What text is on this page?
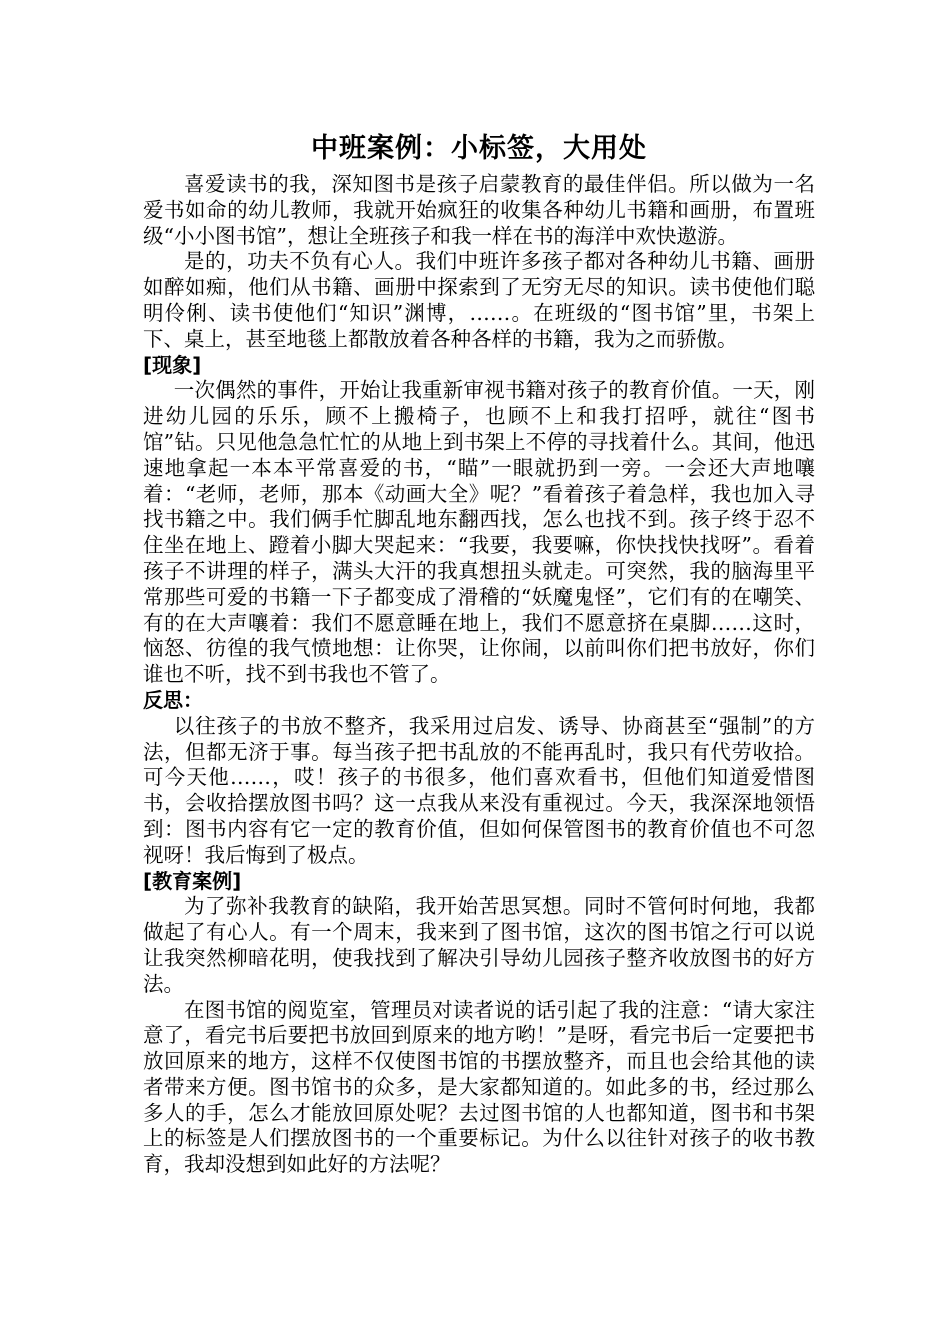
中班案例：小标签，大用处

喜爱读书的我，深知图书是孩子启蒙教育的最佳伴侣。所以做为一名爱书如命的幼儿教师，我就开始疯狂的收集各种幼儿书籍和画册，布置班级“小小图书馆”，想让全班孩子和我一样在书的海洋中欢快遨游。

是的，功夫不负有心人。我们中班许多孩子都对各种幼儿书籍、画册如醉如痴，他们从书籍、画册中探索到了无穷无尽的知识。读书使他们聪明伶俐、读书使他们“知识”渊博，……。在班级的“图书馆”里，书架上下、桌上，甚至地毯上都散放着各种各样的书籍，我为之而骄傲。

[现象]

一次偶然的事件，开始让我重新审视书籍对孩子的教育价值。一天，刚进幼儿园的乐乐，顾不上搬椅子，也顾不上和我打招呼，就往“图书馆”钻。只见他急急忙忙的从地上到书架上不停的寻找着什么。其间，他迅速地拿起一本本平常喜爱的书，“瞄”一眼就扔到一旁。一会还大声地嚷着：“老师，老师，那本《动画大全》呢？”看着孩子着急样，我也加入寻找书籍之中。我们俩手忙脚乱地东翻西找，怎么也找不到。孩子终于忍不住坐在地上、蹬着小脚大哭起来：“我要，我要嘛，你快找快找呀”。看着孩子不讲理的样子，满头大汗的我真想扭头就走。可突然，我的脑海里平常那些可爱的书籍一下子都变成了滑稽的“妖魔鬼怪”，它们有的在嘲笑、有的在大声嚷着：我们不愿意睡在地上，我们不愿意挤在桌脚……这时，恼怒、彷徨的我气愤地想：让你哭，让你闹，以前叫你们把书放好，你们谁也不听，找不到书我也不管了。

反思：

以往孩子的书放不整齐，我采用过启发、诱导、协商甚至“强制”的方法，但都无济于事。每当孩子把书乱放的不能再乱时，我只有代劳收拾。可今天他……，哎！孩子的书很多，他们喜欢看书，但他们知道爱惜图书，会收拾摆放图书吗？这一点我从来没有重视过。今天，我深深地领悟到：图书内容有它一定的教育价值，但如何保管图书的教育价值也不可忽视呀！我后悔到了极点。

[教育案例]

为了弥补我教育的缺陷，我开始苦思冥想。同时不管何时何地，我都做起了有心人。有一个周末，我来到了图书馆，这次的图书馆之行可以说让我突然柳暗花明，使我找到了解决引导幼儿园孩子整齐收放图书的好方法。

在图书馆的阅览室，管理员对读者说的话引起了我的注意：“请大家注意了，看完书后要把书放回到原来的地方哟！”是呀，看完书后一定要把书放回原来的地方，这样不仅使图书馆的书摆放整齐，而且也会给其他的读者带来方便。图书馆书的众多，是大家都知道的。如此多的书，经过那么多人的手，怎么才能放回原处呢？去过图书馆的人也都知道，图书和书架上的标签是人们摆放图书的一个重要标记。为什么以往针对孩子的收书教育，我却没想到如此好的方法呢？
